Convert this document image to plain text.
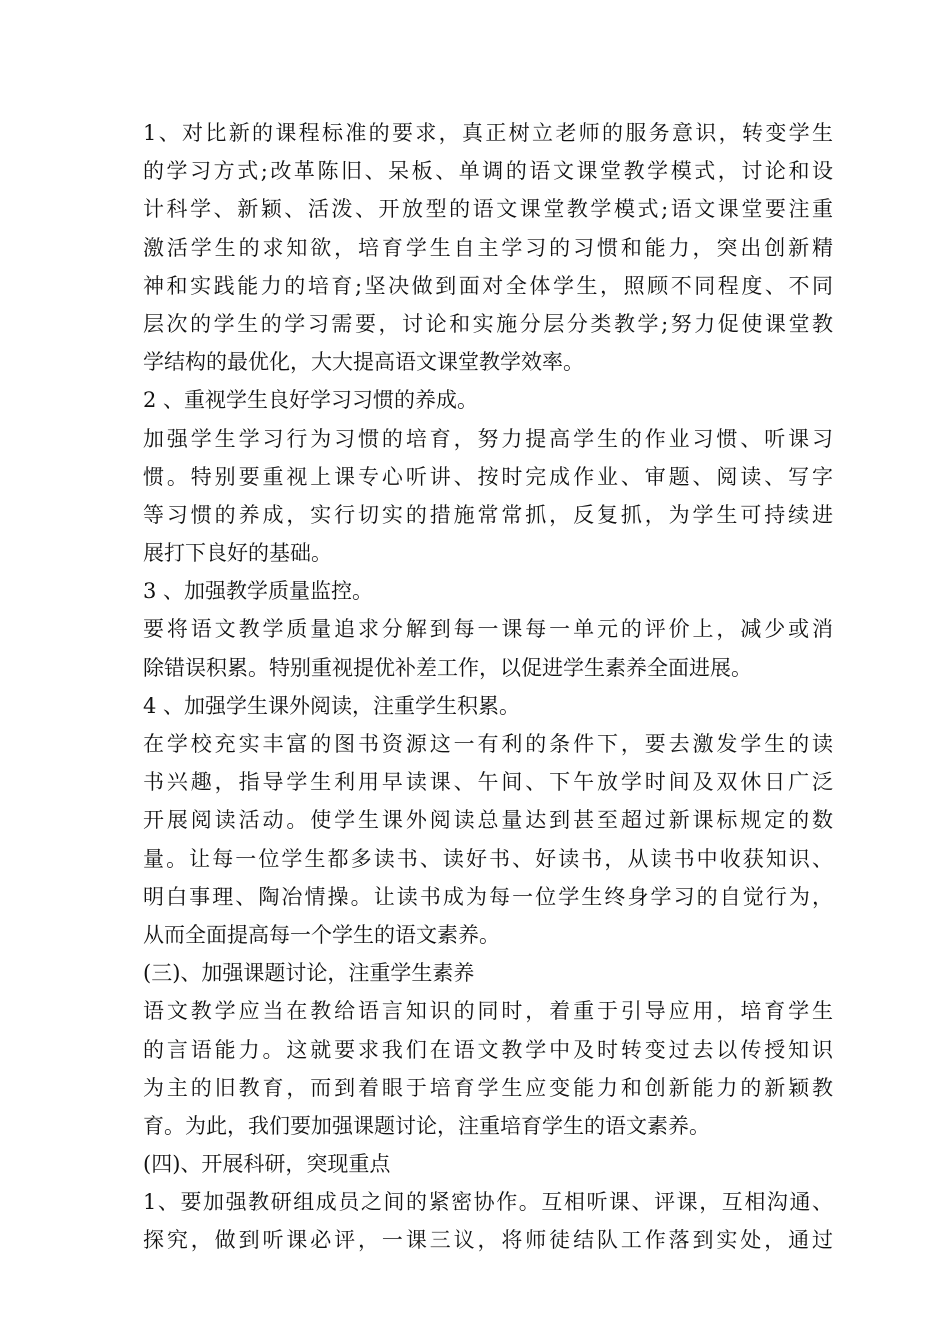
1、对比新的课程标准的要求，真正树立老师的服务意识，转变学生
的学习方式;改革陈旧、呆板、单调的语文课堂教学模式，讨论和设
计科学、新颖、活泼、开放型的语文课堂教学模式;语文课堂要注重
激活学生的求知欲，培育学生自主学习的习惯和能力，突出创新精
神和实践能力的培育;坚决做到面对全体学生，照顾不同程度、不同
层次的学生的学习需要，讨论和实施分层分类教学;努力促使课堂教
学结构的最优化，大大提高语文课堂教学效率。
2 、重视学生良好学习习惯的养成。
加强学生学习行为习惯的培育，努力提高学生的作业习惯、听课习
惯。特别要重视上课专心听讲、按时完成作业、审题、阅读、写字
等习惯的养成，实行切实的措施常常抓，反复抓，为学生可持续进
展打下良好的基础。
3 、加强教学质量监控。
要将语文教学质量追求分解到每一课每一单元的评价上，减少或消
除错误积累。特别重视提优补差工作，以促进学生素养全面进展。
4 、加强学生课外阅读，注重学生积累。
在学校充实丰富的图书资源这一有利的条件下，要去激发学生的读
书兴趣，指导学生利用早读课、午间、下午放学时间及双休日广泛
开展阅读活动。使学生课外阅读总量达到甚至超过新课标规定的数
量。让每一位学生都多读书、读好书、好读书，从读书中收获知识、
明白事理、陶冶情操。让读书成为每一位学生终身学习的自觉行为，
从而全面提高每一个学生的语文素养。
(三)、加强课题讨论，注重学生素养
语文教学应当在教给语言知识的同时，着重于引导应用，培育学生
的言语能力。这就要求我们在语文教学中及时转变过去以传授知识
为主的旧教育，而到着眼于培育学生应变能力和创新能力的新颖教
育。为此，我们要加强课题讨论，注重培育学生的语文素养。
(四)、开展科研，突现重点
1、要加强教研组成员之间的紧密协作。互相听课、评课，互相沟通、
探究，做到听课必评，一课三议，将师徒结队工作落到实处，通过
